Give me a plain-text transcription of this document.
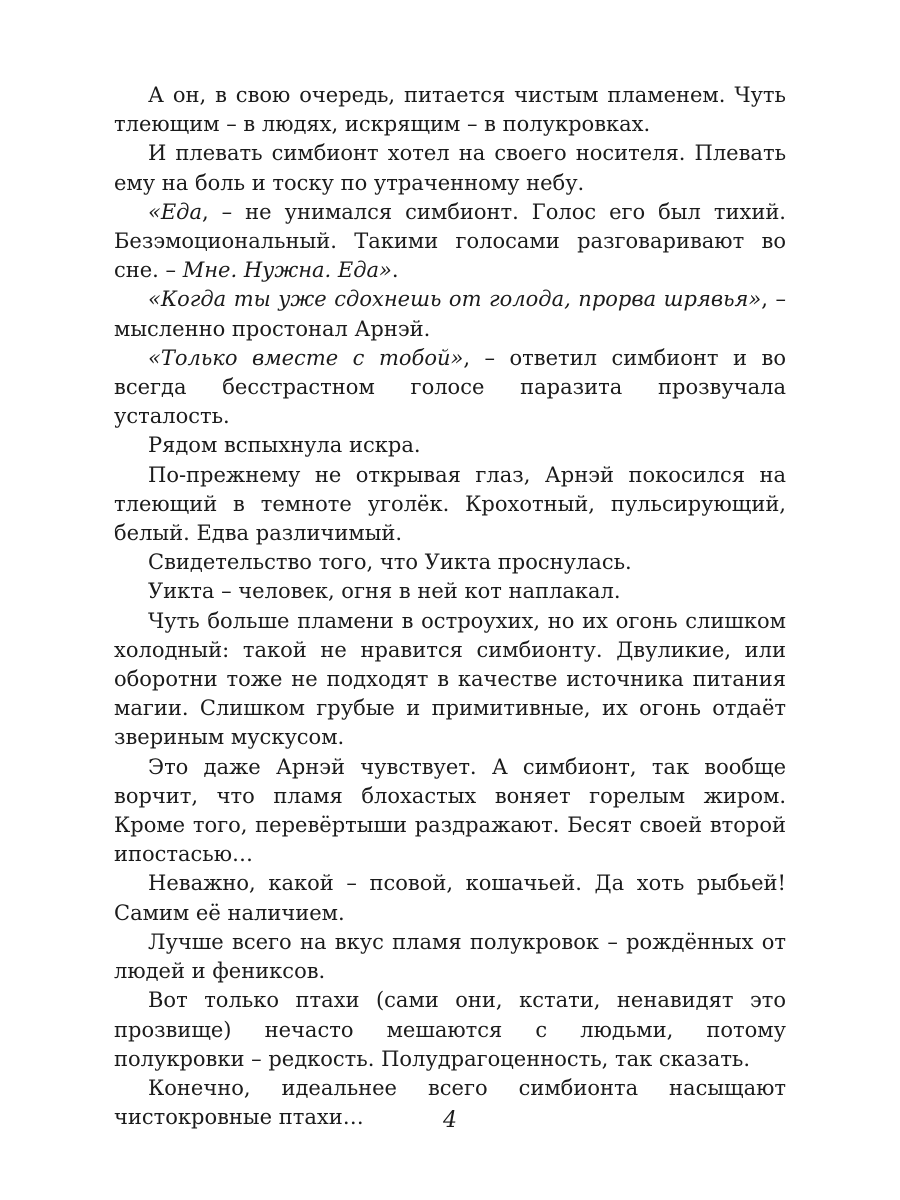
А он, в свою очередь, питается чистым пламенем. Чуть тлеющим – в людях, искрящим – в полукровках.

И плевать симбионт хотел на своего носителя. Плевать ему на боль и тоску по утраченному небу.

«Еда, – не унимался симбионт. Голос его был тихий. Безэмоциональный. Такими голосами разговаривают во сне. – Мне. Нужна. Еда».

«Когда ты уже сдохнешь от голода, прорва шрявья», – мысленно простонал Арнэй.

«Только вместе с тобой», – ответил симбионт и во всегда бесстрастном голосе паразита прозвучала усталость.

Рядом вспыхнула искра.

По-прежнему не открывая глаз, Арнэй покосился на тлеющий в темноте уголёк. Крохотный, пульсирующий, белый. Едва различимый.

Свидетельство того, что Уикта проснулась.

Уикта – человек, огня в ней кот наплакал.

Чуть больше пламени в остроухих, но их огонь слишком холодный: такой не нравится симбионту. Двуликие, или оборотни тоже не подходят в качестве источника питания магии. Слишком грубые и примитивные, их огонь отдаёт звериным мускусом.

Это даже Арнэй чувствует. А симбионт, так вообще ворчит, что пламя блохастых воняет горелым жиром. Кроме того, перевёртыши раздражают. Бесят своей второй ипостасью…

Неважно, какой – псовой, кошачьей. Да хоть рыбьей! Самим её наличием.

Лучше всего на вкус пламя полукровок – рождённых от людей и фениксов.

Вот только птахи (сами они, кстати, ненавидят это прозвище) нечасто мешаются с людьми, потому полукровки – редкость. Полудрагоценность, так сказать.

Конечно, идеальнее всего симбионта насыщают чистокровные птахи…	4
